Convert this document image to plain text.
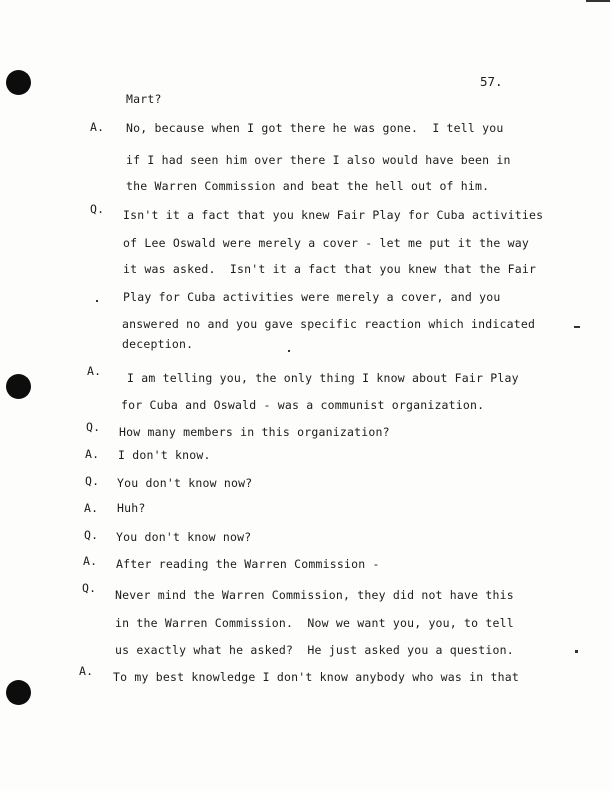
57.
Mart?
A. No, because when I got there he was gone.  I tell you
if I had seen him over there I also would have been in
the Warren Commission and beat the hell out of him.
Q. Isn't it a fact that you knew Fair Play for Cuba activities
of Lee Oswald were merely a cover - let me put it the way
it was asked.  Isn't it a fact that you knew that the Fair
Play for Cuba activities were merely a cover, and you
answered no and you gave specific reaction which indicated
deception.
A. I am telling you, the only thing I know about Fair Play
for Cuba and Oswald - was a communist organization.
Q. How many members in this organization?
A. I don't know.
Q. You don't know now?
A. Huh?
Q. You don't know now?
A. After reading the Warren Commission -
Q. Never mind the Warren Commission, they did not have this
in the Warren Commission.  Now we want you, you, to tell
us exactly what he asked?  He just asked you a question.
A. To my best knowledge I don't know anybody who was in that
